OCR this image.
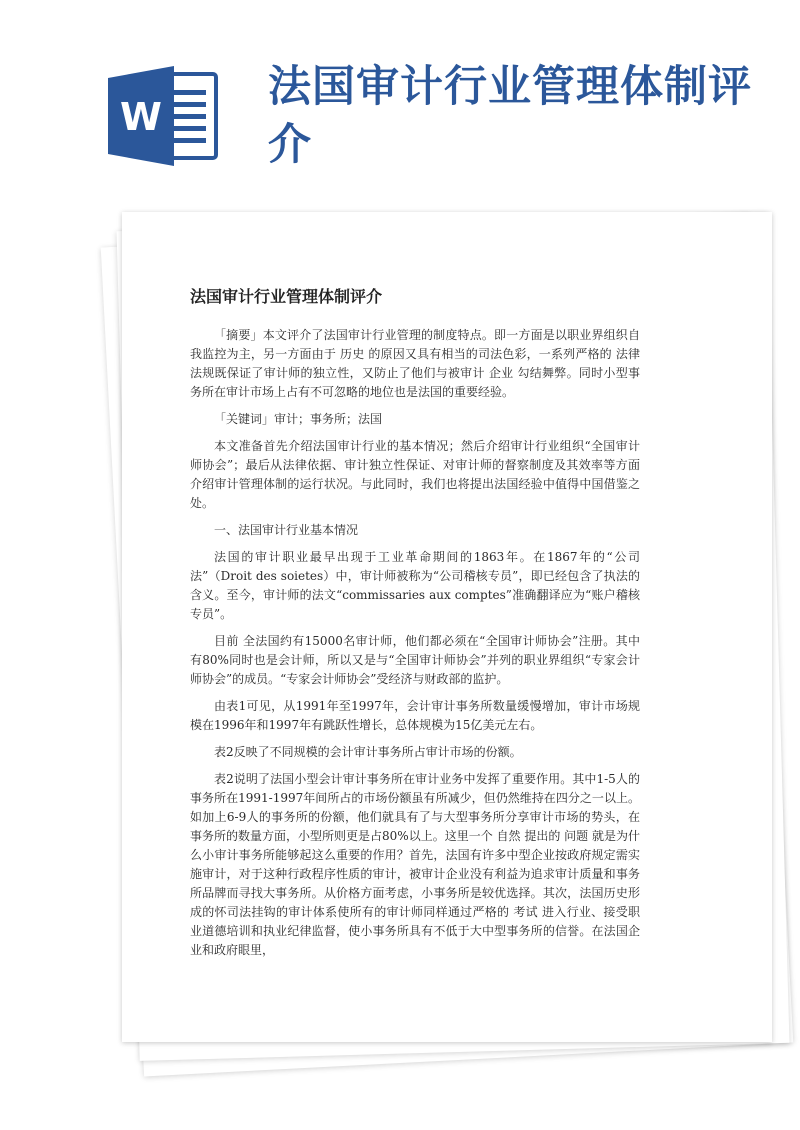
W
法国审计行业管理体制评介
法国审计行业管理体制评介

「摘要」本文评介了法国审计行业管理的制度特点。即一方面是以职业界组织自我监控为主，另一方面由于 历史 的原因又具有相当的司法色彩，一系列严格的 法律 法规既保证了审计师的独立性，又防止了他们与被审计 企业 勾结舞弊。同时小型事务所在审计市场上占有不可忽略的地位也是法国的重要经验。

「关键词」审计；事务所；法国

本文准备首先介绍法国审计行业的基本情况；然后介绍审计行业组织“全国审计师协会”；最后从法律依据、审计独立性保证、对审计师的督察制度及其效率等方面介绍审计管理体制的运行状况。与此同时，我们也将提出法国经验中值得中国借鉴之处。

一、法国审计行业基本情况

法国的审计职业最早出现于工业革命期间的1863年。在1867年的“公司法”（Droit des soietes）中，审计师被称为“公司稽核专员”，即已经包含了执法的含义。至今，审计师的法文“commissaries aux comptes”准确翻译应为“账户稽核专员”。

目前 全法国约有15000名审计师，他们都必须在“全国审计师协会”注册。其中有80%同时也是会计师，所以又是与“全国审计师协会”并列的职业界组织“专家会计师协会”的成员。“专家会计师协会”受经济与财政部的监护。

由表1可见，从1991年至1997年，会计审计事务所数量缓慢增加，审计市场规模在1996年和1997年有跳跃性增长，总体规模为15亿美元左右。

表2反映了不同规模的会计审计事务所占审计市场的份额。

表2说明了法国小型会计审计事务所在审计业务中发挥了重要作用。其中1-5人的事务所在1991-1997年间所占的市场份额虽有所减少，但仍然维持在四分之一以上。如加上6-9人的事务所的份额，他们就具有了与大型事务所分享审计市场的势头，在事务所的数量方面，小型所则更是占80%以上。这里一个 自然 提出的 问题 就是为什么小审计事务所能够起这么重要的作用？首先，法国有许多中型企业按政府规定需实施审计，对于这种行政程序性质的审计，被审计企业没有利益为追求审计质量和事务所品牌而寻找大事务所。从价格方面考虑，小事务所是较优选择。其次，法国历史形成的怀司法挂钩的审计体系使所有的审计师同样通过严格的 考试 进入行业、接受职业道德培训和执业纪律监督，使小事务所具有不低于大中型事务所的信誉。在法国企业和政府眼里，
